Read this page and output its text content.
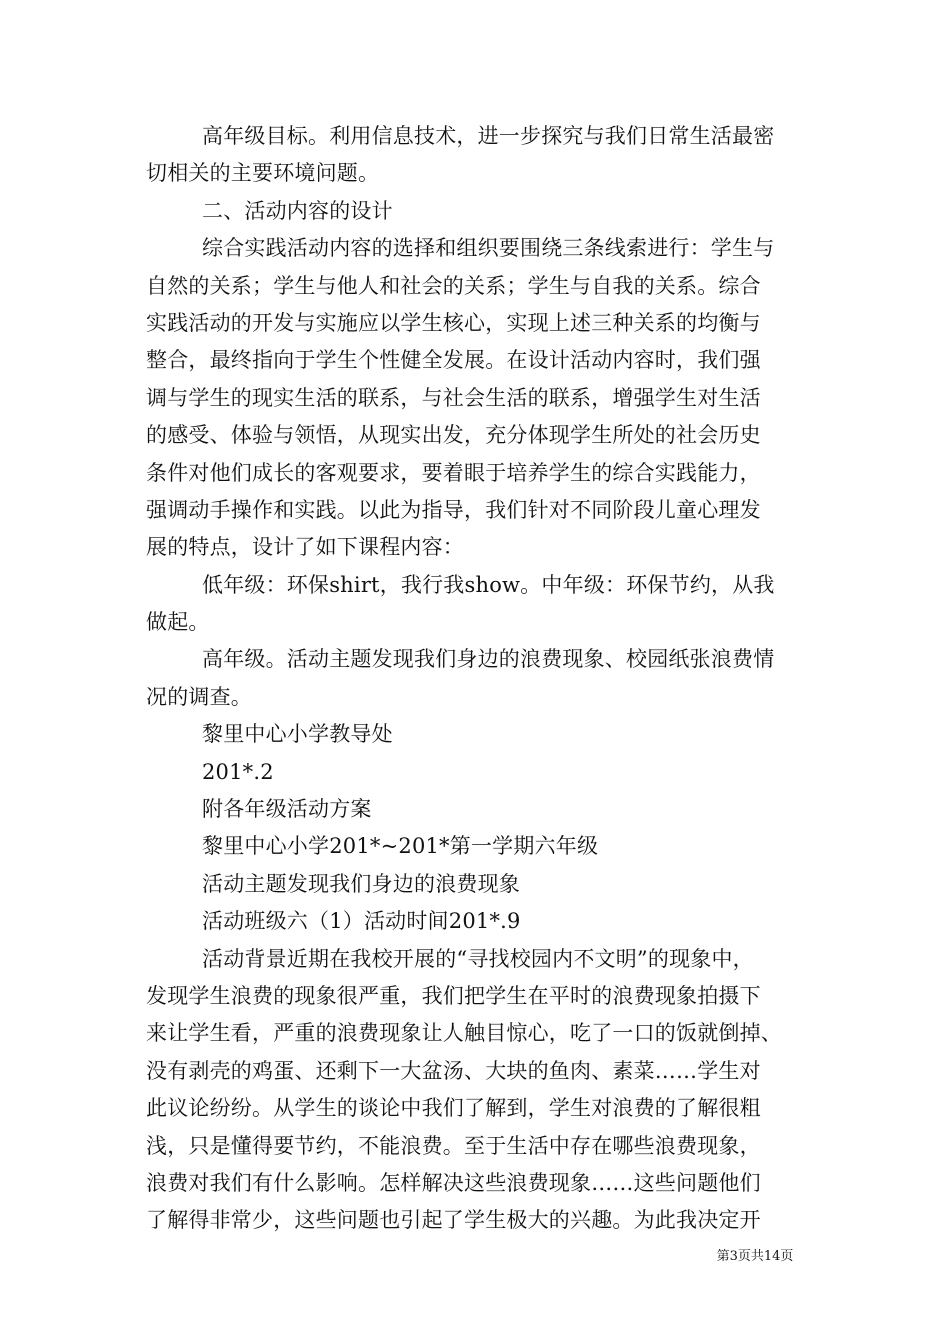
高年级目标。利用信息技术，进一步探究与我们日常生活最密
切相关的主要环境问题。
二、活动内容的设计
综合实践活动内容的选择和组织要围绕三条线索进行：学生与
自然的关系；学生与他人和社会的关系；学生与自我的关系。综合
实践活动的开发与实施应以学生核心，实现上述三种关系的均衡与
整合，最终指向于学生个性健全发展。在设计活动内容时，我们强
调与学生的现实生活的联系，与社会生活的联系，增强学生对生活
的感受、体验与领悟，从现实出发，充分体现学生所处的社会历史
条件对他们成长的客观要求，要着眼于培养学生的综合实践能力，
强调动手操作和实践。以此为指导，我们针对不同阶段儿童心理发
展的特点，设计了如下课程内容：
低年级：环保shirt，我行我show。中年级：环保节约，从我
做起。
高年级。活动主题发现我们身边的浪费现象、校园纸张浪费情
况的调查。
黎里中心小学教导处
201*.2
附各年级活动方案
黎里中心小学201*~201*第一学期六年级
活动主题发现我们身边的浪费现象
活动班级六（1）活动时间201*.9
活动背景近期在我校开展的“寻找校园内不文明”的现象中，
发现学生浪费的现象很严重，我们把学生在平时的浪费现象拍摄下
来让学生看，严重的浪费现象让人触目惊心，吃了一口的饭就倒掉、
没有剥壳的鸡蛋、还剩下一大盆汤、大块的鱼肉、素菜……学生对
此议论纷纷。从学生的谈论中我们了解到，学生对浪费的了解很粗
浅，只是懂得要节约，不能浪费。至于生活中存在哪些浪费现象，
浪费对我们有什么影响。怎样解决这些浪费现象……这些问题他们
了解得非常少，这些问题也引起了学生极大的兴趣。为此我决定开
第3页共14页
